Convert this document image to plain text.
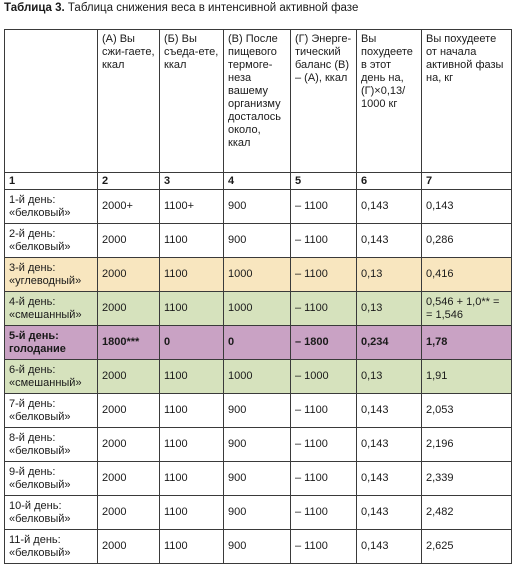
Таблица 3. Таблица снижения веса в интенсивной активной фазе
	(А) Вы сжи-гаете, ккал	(Б) Вы съеда-ете, ккал	(В) После пищевого термоге-неза вашему организму досталось около, ккал	(Г) Энерге-тический баланс (В) – (А), ккал	Вы похудеете в этот день на, (Г)×0,13/ 1000 кг	Вы похудеете от начала активной фазы на, кг
1	2	3	4	5	6	7
1-й день: «белковый»	2000+	1100+	900	– 1100	0,143	0,143
2-й день: «белковый»	2000	1100	900	– 1100	0,143	0,286
3-й день: «углеводный»	2000	1100	1000	– 1100	0,13	0,416
4-й день: «смешанный»	2000	1100	1000	– 1100	0,13	0,546 + 1,0** = = 1,546
5-й день: голодание	1800***	0	0	– 1800	0,234	1,78
6-й день: «смешанный»	2000	1100	1000	– 1000	0,13	1,91
7-й день: «белковый»	2000	1100	900	– 1100	0,143	2,053
8-й день: «белковый»	2000	1100	900	– 1100	0,143	2,196
9-й день: «белковый»	2000	1100	900	– 1100	0,143	2,339
10-й день: «белковый»	2000	1100	900	– 1100	0,143	2,482
11-й день: «белковый»	2000	1100	900	– 1100	0,143	2,625
